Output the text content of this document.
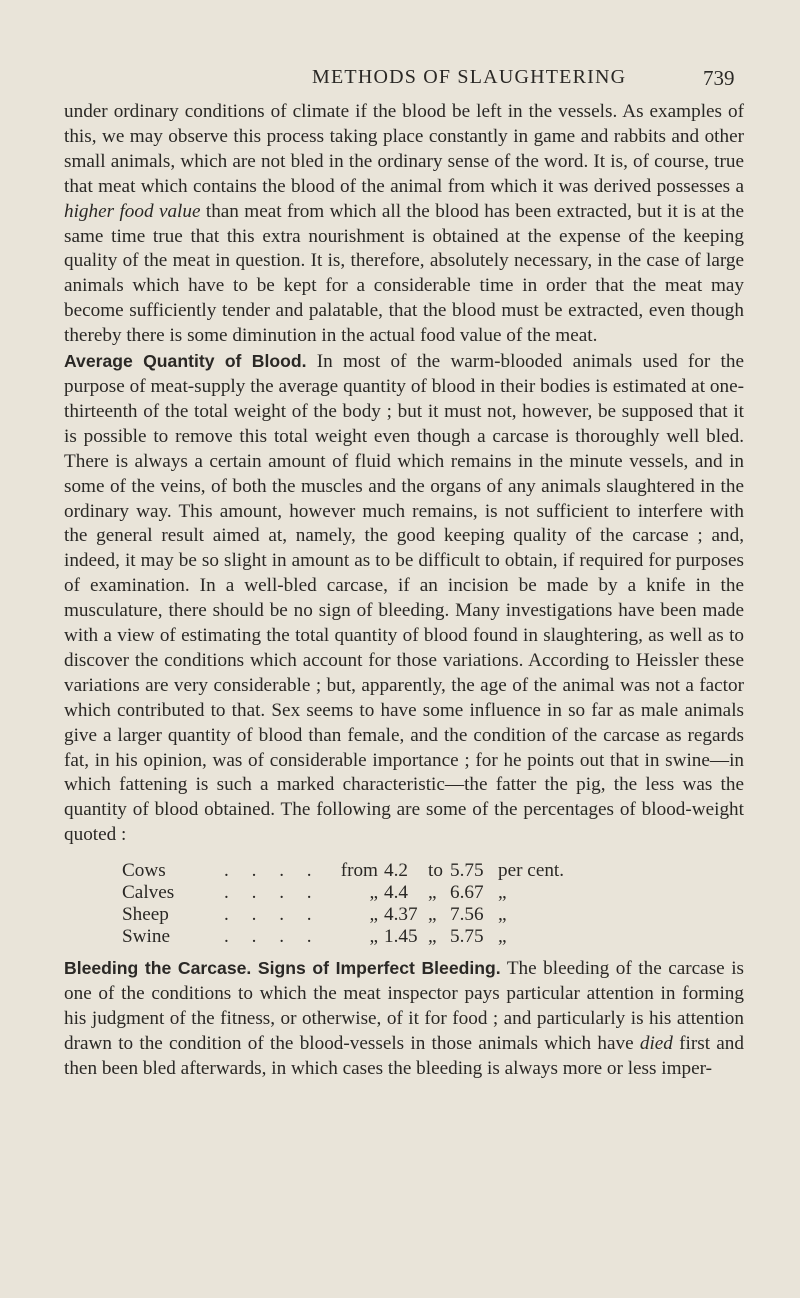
METHODS OF SLAUGHTERING	739

under ordinary conditions of climate if the blood be left in the vessels. As examples of this, we may observe this process taking place constantly in game and rabbits and other small animals, which are not bled in the ordinary sense of the word. It is, of course, true that meat which contains the blood of the animal from which it was derived possesses a higher food value than meat from which all the blood has been extracted, but it is at the same time true that this extra nourishment is obtained at the expense of the keeping quality of the meat in question. It is, therefore, absolutely necessary, in the case of large animals which have to be kept for a considerable time in order that the meat may become sufficiently tender and palatable, that the blood must be extracted, even though thereby there is some diminution in the actual food value of the meat.

Average Quantity of Blood. In most of the warm-blooded animals used for the purpose of meat-supply the average quantity of blood in their bodies is estimated at one-thirteenth of the total weight of the body ; but it must not, however, be supposed that it is possible to remove this total weight even though a carcase is thoroughly well bled. There is always a certain amount of fluid which remains in the minute vessels, and in some of the veins, of both the muscles and the organs of any animals slaughtered in the ordinary way. This amount, however much remains, is not sufficient to interfere with the general result aimed at, namely, the good keeping quality of the carcase ; and, indeed, it may be so slight in amount as to be difficult to obtain, if required for purposes of examination. In a well-bled carcase, if an incision be made by a knife in the musculature, there should be no sign of bleeding. Many investigations have been made with a view of estimating the total quantity of blood found in slaughtering, as well as to discover the conditions which account for those variations. According to Heissler these variations are very considerable ; but, apparently, the age of the animal was not a factor which contributed to that. Sex seems to have some influence in so far as male animals give a larger quantity of blood than female, and the condition of the carcase as regards fat, in his opinion, was of considerable importance ; for he points out that in swine—in which fattening is such a marked characteristic—the fatter the pig, the less was the quantity of blood obtained. The following are some of the percentages of blood-weight quoted :

Cows	. . . .	from 4.2	to 5.75 per cent.
Calves	. . . .	„ 4.4	„ 6.67 „
Sheep	. . . .	„ 4.37 „ 7.56 „
Swine	. . . .	„ 1.45 „ 5.75 „

Bleeding the Carcase. Signs of Imperfect Bleeding. The bleeding of the carcase is one of the conditions to which the meat inspector pays particular attention in forming his judgment of the fitness, or otherwise, of it for food ; and particularly is his attention drawn to the condition of the blood-vessels in those animals which have died first and then been bled afterwards, in which cases the bleeding is always more or less imper-
